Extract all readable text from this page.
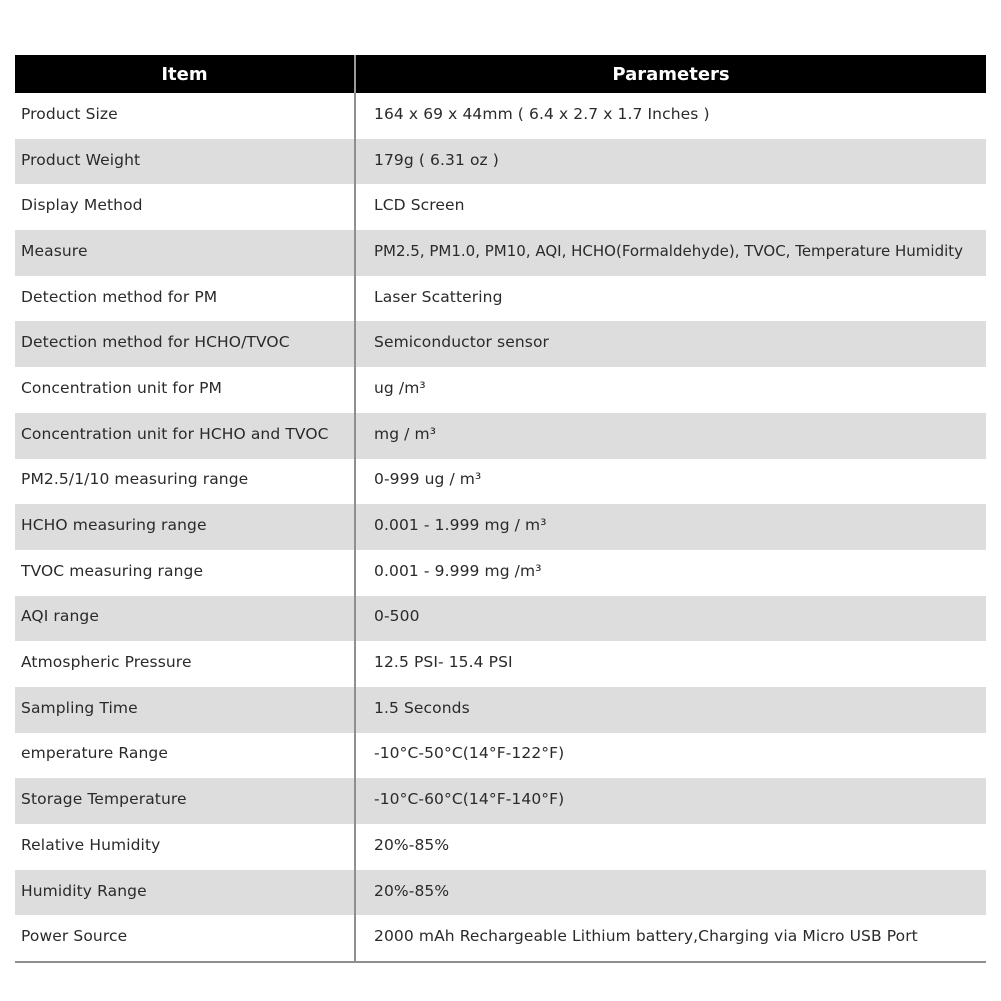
Item	Parameters
Product Size	164 x 69 x 44mm ( 6.4 x 2.7 x 1.7 Inches )
Product Weight	179g ( 6.31 oz )
Display Method	LCD Screen
Measure	PM2.5, PM1.0, PM10, AQI, HCHO(Formaldehyde), TVOC, Temperature Humidity
Detection method for PM	Laser Scattering
Detection method for HCHO/TVOC	Semiconductor sensor
Concentration unit for PM	ug /m³
Concentration unit for HCHO and TVOC	mg / m³
PM2.5/1/10 measuring range	0-999 ug / m³
HCHO measuring range	0.001 - 1.999 mg / m³
TVOC measuring range	0.001 - 9.999 mg /m³
AQI range	0-500
Atmospheric Pressure	12.5 PSI- 15.4 PSI
Sampling Time	1.5 Seconds
emperature Range	-10°C-50°C(14°F-122°F)
Storage Temperature	-10°C-60°C(14°F-140°F)
Relative Humidity	20%-85%
Humidity Range	20%-85%
Power Source	2000 mAh Rechargeable Lithium battery,Charging via Micro USB Port
